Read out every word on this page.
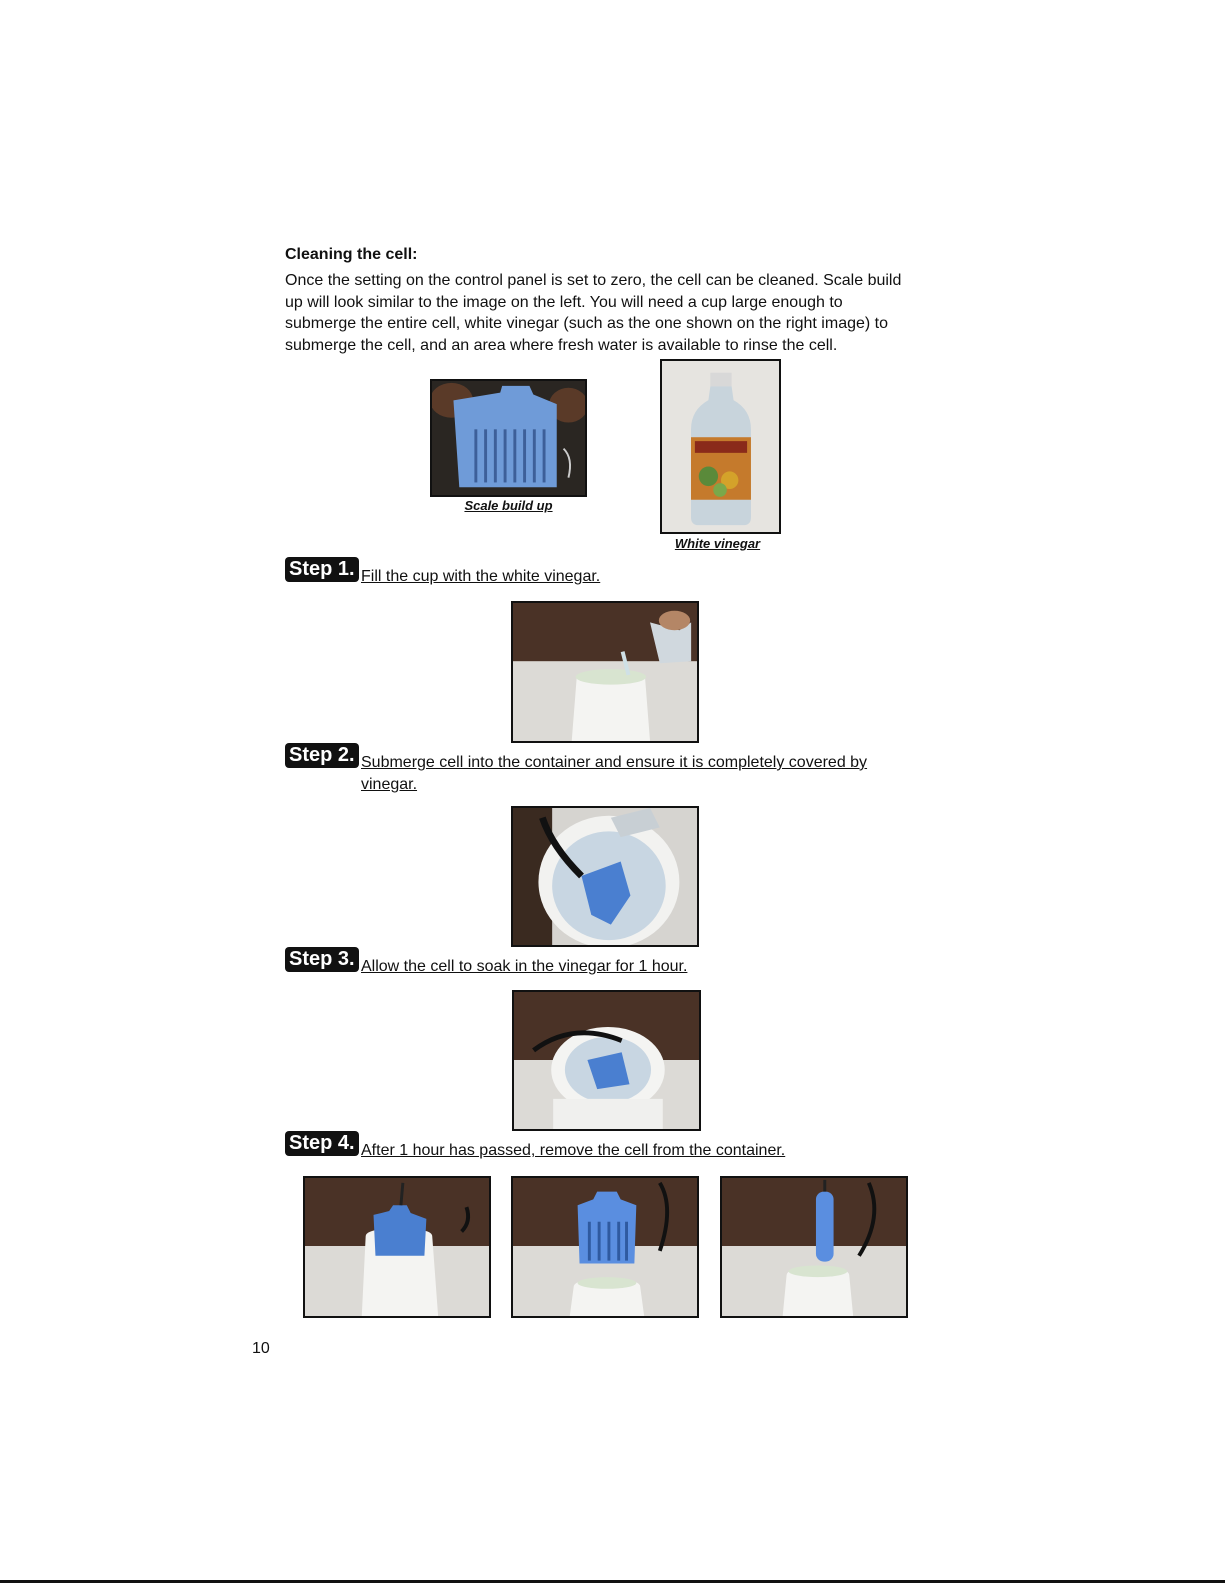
Cleaning the cell:
Once the setting on the control panel is set to zero, the cell can be cleaned. Scale build up will look similar to the image on the left. You will need a cup large enough to submerge the entire cell, white vinegar (such as the one shown on the right image) to submerge the cell, and an area where fresh water is available to rinse the cell.
Scale build up
White vinegar
Step 1. Fill the cup with the white vinegar.
Step 2. Submerge cell into the container and ensure it is completely covered by vinegar.
Step 3. Allow the cell to soak in the vinegar for 1 hour.
Step 4. After 1 hour has passed, remove the cell from the container.
10
